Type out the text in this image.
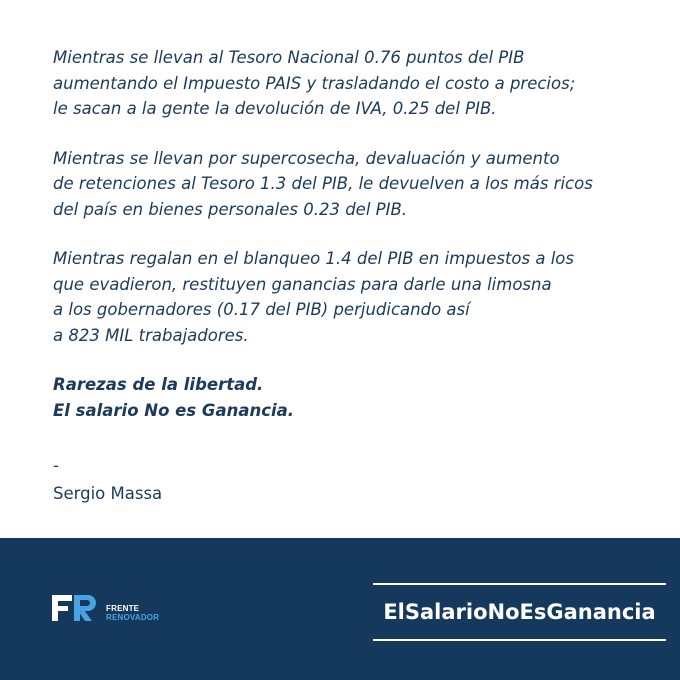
Mientras se llevan al Tesoro Nacional 0.76 puntos del PIB
aumentando el Impuesto PAIS y trasladando el costo a precios;
le sacan a la gente la devolución de IVA, 0.25 del PIB.
Mientras se llevan por supercosecha, devaluación y aumento
de retenciones al Tesoro 1.3 del PIB, le devuelven a los más ricos
del país en bienes personales 0.23 del PIB.
Mientras regalan en el blanqueo 1.4 del PIB en impuestos a los
que evadieron, restituyen ganancias para darle una limosna
a los gobernadores (0.17 del PIB) perjudicando así
a 823 MIL trabajadores.
Rarezas de la libertad.
El salario No es Ganancia.
-
Sergio Massa
FRENTE
RENOVADOR	ElSalarioNoEsGanancia
